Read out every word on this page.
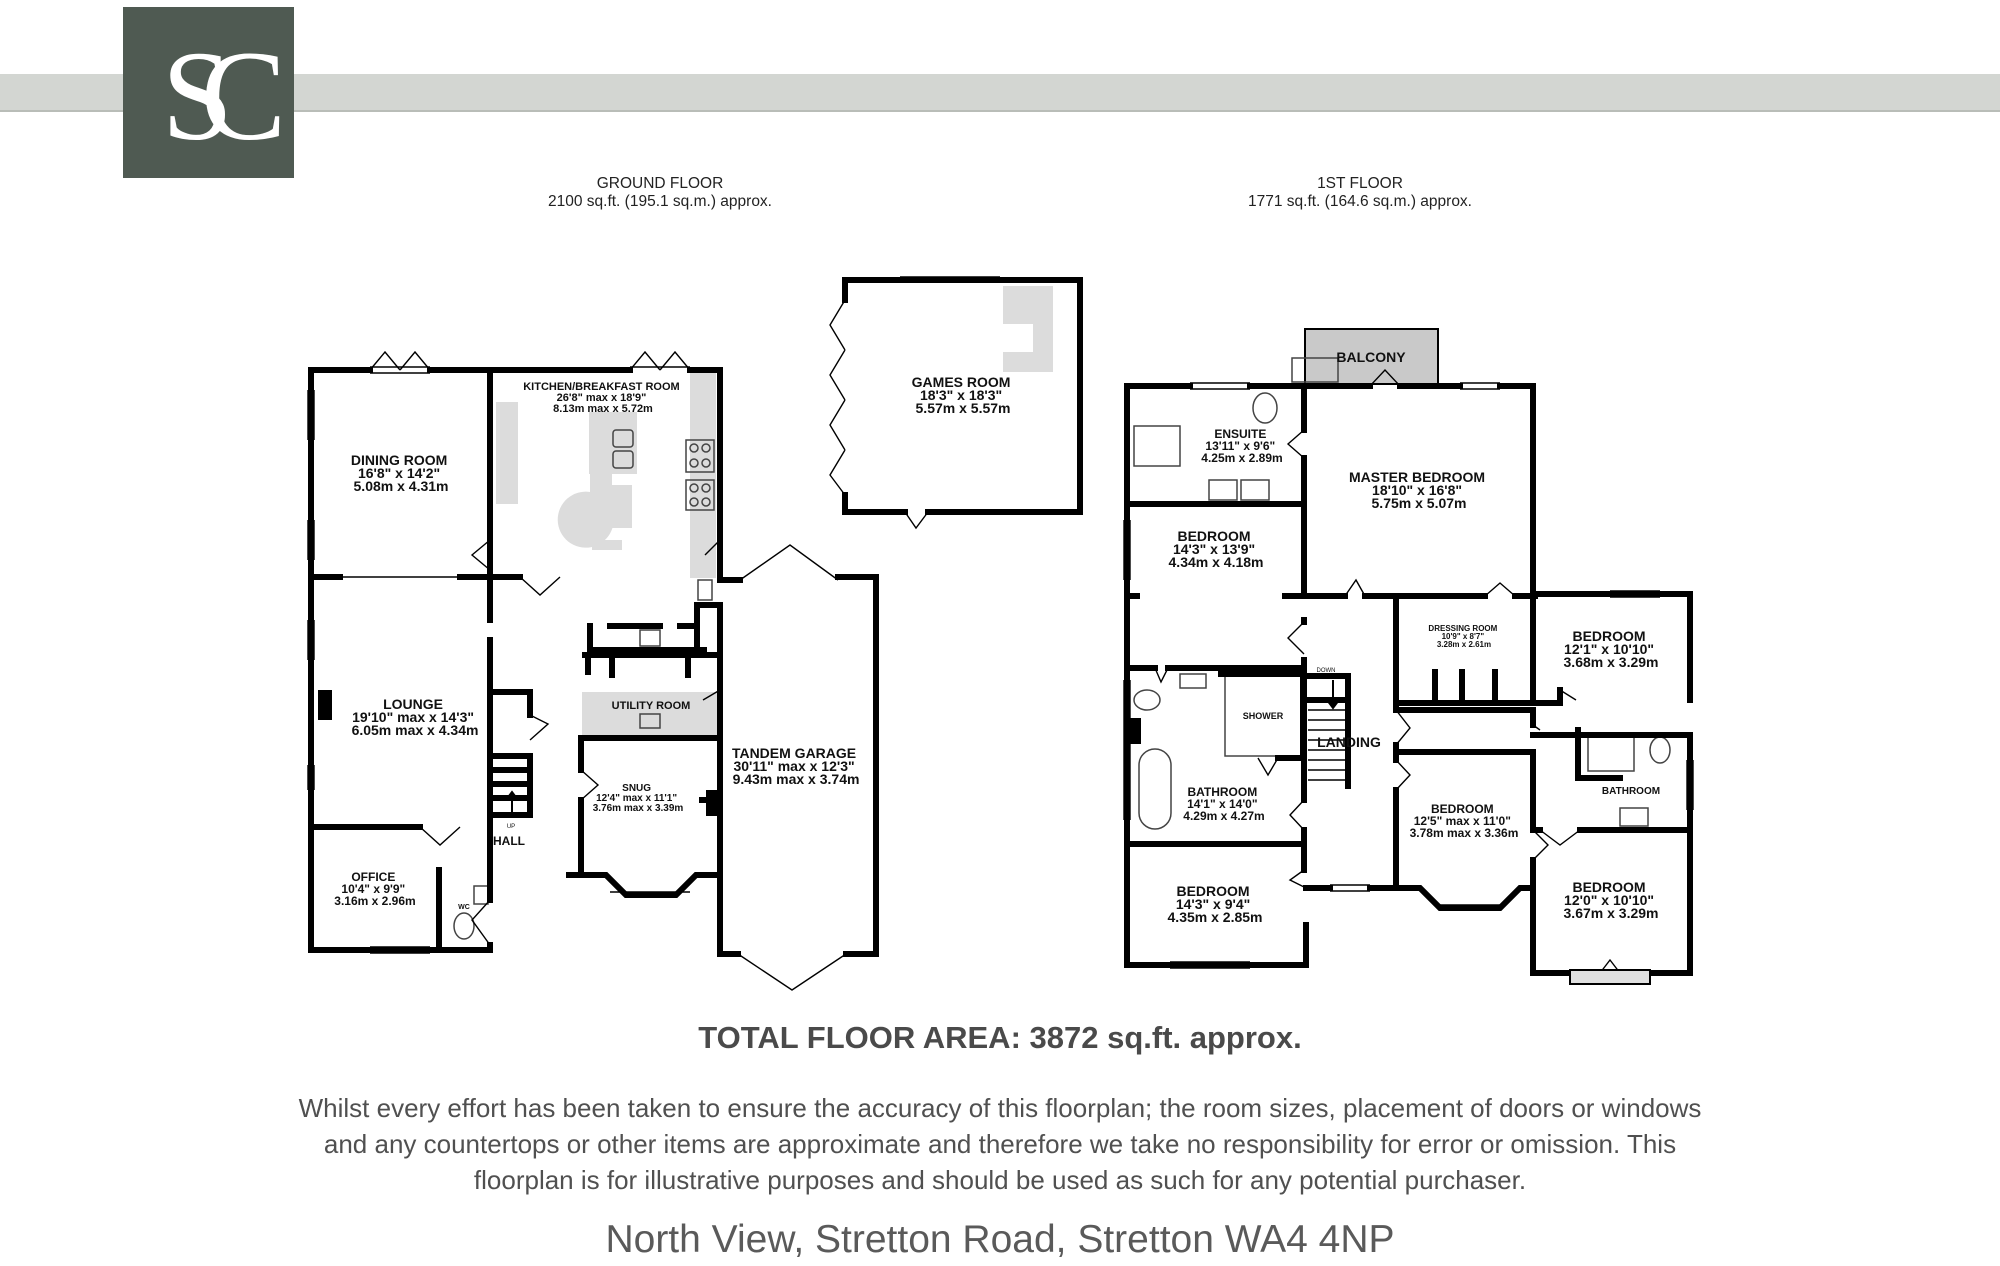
SC
GROUND FLOOR
2100 sq.ft. (195.1 sq.m.) approx.
1ST FLOOR
1771 sq.ft. (164.6 sq.m.) approx.
DINING ROOM 16'8" x 14'2" 5.08m x 4.31m
KITCHEN/BREAKFAST ROOM 26'8" max x 18'9" 8.13m max x 5.72m
GAMES ROOM 18'3" x 18'3" 5.57m x 5.57m
LOUNGE 19'10" max x 14'3" 6.05m max x 4.34m
UTILITY ROOM
SNUG 12'4" max x 11'1" 3.76m max x 3.39m
TANDEM GARAGE 30'11" max x 12'3" 9.43m max x 3.74m
OFFICE 10'4" x 9'9" 3.16m x 2.96m
HALL
WC
UP
BALCONY
ENSUITE 13'11" x 9'6" 4.25m x 2.89m
MASTER BEDROOM 18'10" x 16'8" 5.75m x 5.07m
BEDROOM 14'3" x 13'9" 4.34m x 4.18m
DRESSING ROOM 10'9" x 8'7" 3.28m x 2.61m
BEDROOM 12'1" x 10'10" 3.68m x 3.29m
SHOWER
LANDING
DOWN
BATHROOM 14'1" x 14'0" 4.29m x 4.27m
BATHROOM
BEDROOM 12'5" max x 11'0" 3.78m max x 3.36m
BEDROOM 14'3" x 9'4" 4.35m x 2.85m
BEDROOM 12'0" x 10'10" 3.67m x 3.29m
TOTAL FLOOR AREA: 3872 sq.ft. approx.
Whilst every effort has been taken to ensure the accuracy of this floorplan; the room sizes, placement of doors or windows
and any countertops or other items are approximate and therefore we take no responsibility for error or omission. This
floorplan is for illustrative purposes and should be used as such for any potential purchaser.
North View, Stretton Road, Stretton WA4 4NP
